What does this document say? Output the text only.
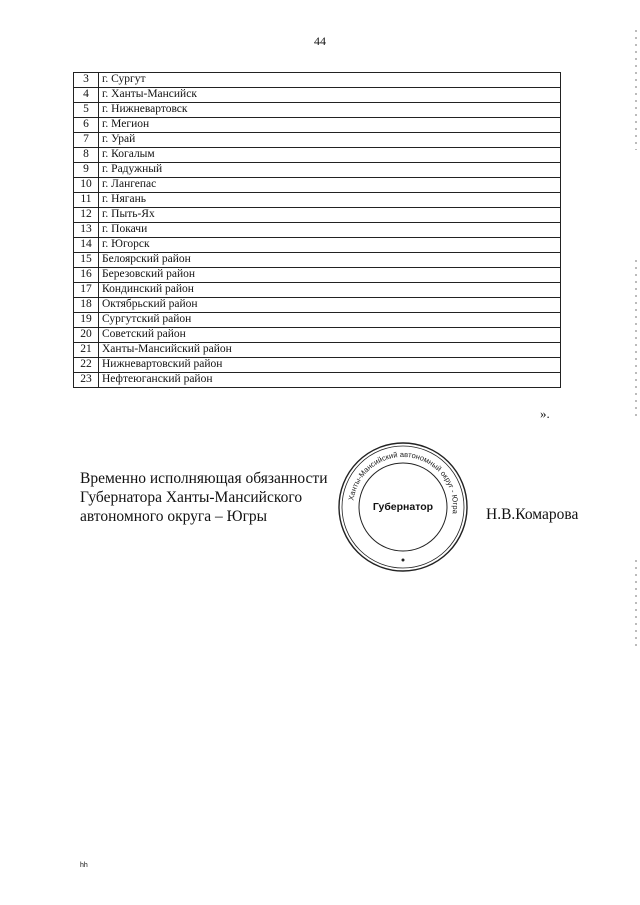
44
3	г. Сургут
4	г. Ханты-Мансийск
5	г. Нижневартовск
6	г. Мегион
7	г. Урай
8	г. Когалым
9	г. Радужный
10	г. Лангепас
11	г. Нягань
12	г. Пыть-Ях
13	г. Покачи
14	г. Югорск
15	Белоярский район
16	Березовский район
17	Кондинский район
18	Октябрьский район
19	Сургутский район
20	Советский район
21	Ханты-Мансийский район
22	Нижневартовский район
23	Нефтеюганский район
».
Временно исполняющая обязанности
Губернатора Ханты-Мансийского
автономного округа – Югры
Ханты-Мансийский автономный округ - Югра
Губернатор	Н.В.Комарова
hh
